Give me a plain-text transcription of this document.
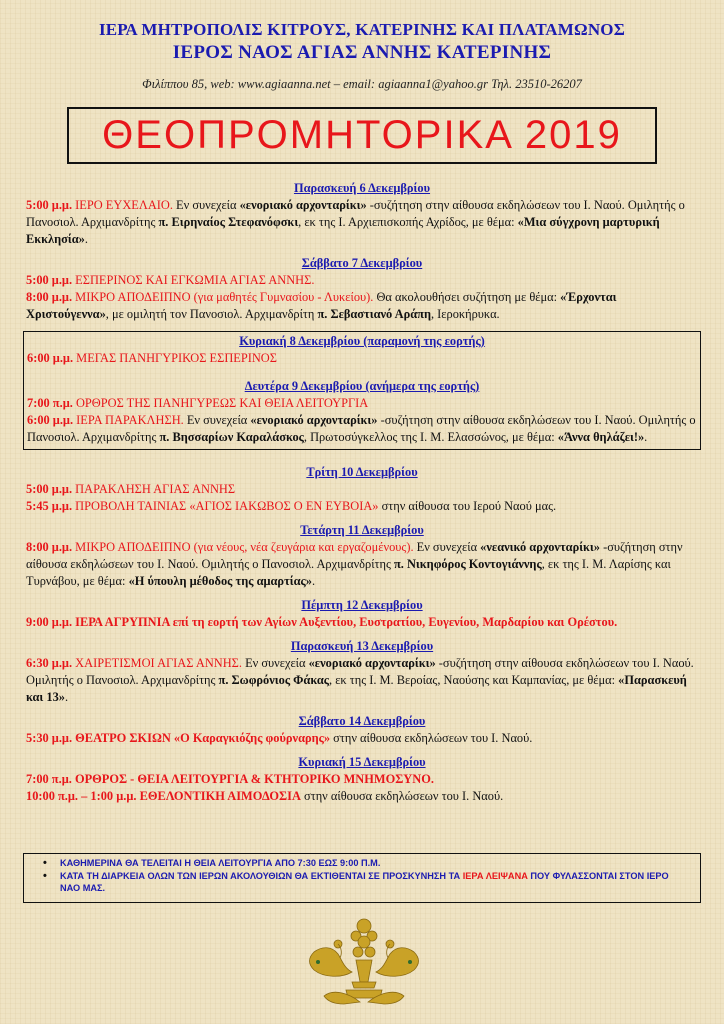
ΙΕΡΑ ΜΗΤΡΟΠΟΛΙΣ ΚΙΤΡΟΥΣ, ΚΑΤΕΡΙΝΗΣ ΚΑΙ ΠΛΑΤΑΜΩΝΟΣ
ΙΕΡΟΣ ΝΑΟΣ ΑΓΙΑΣ ΑΝΝΗΣ ΚΑΤΕΡΙΝΗΣ
Φιλίππου 85, web: www.agiaanna.net – email: agiaanna1@yahoo.gr Τηλ. 23510-26207
ΘΕΟΠΡΟΜΗΤΟΡΙΚΑ 2019
Παρασκευή 6 Δεκεμβρίου
5:00 μ.μ. ΙΕΡΟ ΕΥΧΕΛΑΙΟ. Εν συνεχεία «ενοριακό αρχονταρίκι» -συζήτηση στην αίθουσα εκδηλώσεων του Ι. Ναού. Ομιλητής ο Πανοσιολ. Αρχιμανδρίτης π. Ειρηναίος Στεφανόφσκι, εκ της Ι. Αρχιεπισκοπής Αχρίδος, με θέμα: «Μια σύγχρονη μαρτυρική Εκκλησία».
Σάββατο 7 Δεκεμβρίου
5:00 μ.μ. ΕΣΠΕΡΙΝΟΣ ΚΑΙ ΕΓΚΩΜΙΑ ΑΓΙΑΣ ΑΝΝΗΣ.
8:00 μ.μ. ΜΙΚΡΟ ΑΠΟΔΕΙΠΝΟ (για μαθητές Γυμνασίου - Λυκείου). Θα ακολουθήσει συζήτηση με θέμα: «Έρχονται Χριστούγεννα», με ομιλητή τον Πανοσιολ. Αρχιμανδρίτη π. Σεβαστιανό Αράπη, Ιεροκήρυκα.
Κυριακή 8 Δεκεμβρίου (παραμονή της εορτής)
6:00 μ.μ. ΜΕΓΑΣ ΠΑΝΗΓΥΡΙΚΟΣ ΕΣΠΕΡΙΝΟΣ
Δευτέρα 9 Δεκεμβρίου (ανήμερα της εορτής)
7:00 π.μ. ΟΡΘΡΟΣ ΤΗΣ ΠΑΝΗΓΥΡΕΩΣ ΚΑΙ ΘΕΙΑ ΛΕΙΤΟΥΡΓΙΑ
6:00 μ.μ. ΙΕΡΑ ΠΑΡΑΚΛΗΣΗ. Εν συνεχεία «ενοριακό αρχονταρίκι» -συζήτηση στην αίθουσα εκδηλώσεων του Ι. Ναού. Ομιλητής ο Πανοσιολ. Αρχιμανδρίτης π. Βησσαρίων Καραλάσκος, Πρωτοσύγκελλος της Ι. Μ. Ελασσώνος, με θέμα: «Άννα θηλάζει!».
Τρίτη 10 Δεκεμβρίου
5:00 μ.μ. ΠΑΡΑΚΛΗΣΗ ΑΓΙΑΣ ΑΝΝΗΣ
5:45 μ.μ. ΠΡΟΒΟΛΗ ΤΑΙΝΙΑΣ «ΑΓΙΟΣ ΙΑΚΩΒΟΣ Ο ΕΝ ΕΥΒΟΙΑ» στην αίθουσα του Ιερού Ναού μας.
Τετάρτη 11 Δεκεμβρίου
8:00 μ.μ. ΜΙΚΡΟ ΑΠΟΔΕΙΠΝΟ (για νέους, νέα ζευγάρια και εργαζομένους). Εν συνεχεία «νεανικό αρχονταρίκι» -συζήτηση στην αίθουσα εκδηλώσεων του Ι. Ναού. Ομιλητής ο Πανοσιολ. Αρχιμανδρίτης π. Νικηφόρος Κοντογιάννης, εκ της Ι. Μ. Λαρίσης και Τυρνάβου, με θέμα: «Η ύπουλη μέθοδος της αμαρτίας».
Πέμπτη 12 Δεκεμβρίου
9:00 μ.μ. ΙΕΡΑ ΑΓΡΥΠΝΙΑ επί τη εορτή των Αγίων Αυξεντίου, Ευστρατίου, Ευγενίου, Μαρδαρίου και Ορέστου.
Παρασκευή 13 Δεκεμβρίου
6:30 μ.μ. ΧΑΙΡΕΤΙΣΜΟΙ ΑΓΙΑΣ ΑΝΝΗΣ. Εν συνεχεία «ενοριακό αρχονταρίκι» -συζήτηση στην αίθουσα εκδηλώσεων του Ι. Ναού. Ομιλητής ο Πανοσιολ. Αρχιμανδρίτης π. Σωφρόνιος Φάκας, εκ της Ι. Μ. Βεροίας, Ναούσης και Καμπανίας, με θέμα: «Παρασκευή και 13».
Σάββατο 14 Δεκεμβρίου
5:30 μ.μ. ΘΕΑΤΡΟ ΣΚΙΩΝ «Ο Καραγκιόζης φούρναρης» στην αίθουσα εκδηλώσεων του Ι. Ναού.
Κυριακή 15 Δεκεμβρίου
7:00 π.μ. ΟΡΘΡΟΣ - ΘΕΙΑ ΛΕΙΤΟΥΡΓΙΑ & ΚΤΗΤΟΡΙΚΟ ΜΝΗΜΟΣΥΝΟ.
10:00 π.μ. – 1:00 μ.μ. ΕΘΕΛΟΝΤΙΚΗ ΑΙΜΟΔΟΣΙΑ στην αίθουσα εκδηλώσεων του Ι. Ναού.
• ΚΑΘΗΜΕΡΙΝΑ ΘΑ ΤΕΛΕΙΤΑΙ Η ΘΕΙΑ ΛΕΙΤΟΥΡΓΙΑ ΑΠΟ 7:30 ΕΩΣ 9:00 Π.Μ.
• ΚΑΤΑ ΤΗ ΔΙΑΡΚΕΙΑ ΟΛΩΝ ΤΩΝ ΙΕΡΩΝ ΑΚΟΛΟΥΘΙΩΝ ΘΑ ΕΚΤΙΘΕΝΤΑΙ ΣΕ ΠΡΟΣΚΥΝΗΣΗ ΤΑ ΙΕΡΑ ΛΕΙΨΑΝΑ ΠΟΥ ΦΥΛΑΣΣΟΝΤΑΙ ΣΤΟΝ ΙΕΡΟ ΝΑΟ ΜΑΣ.
